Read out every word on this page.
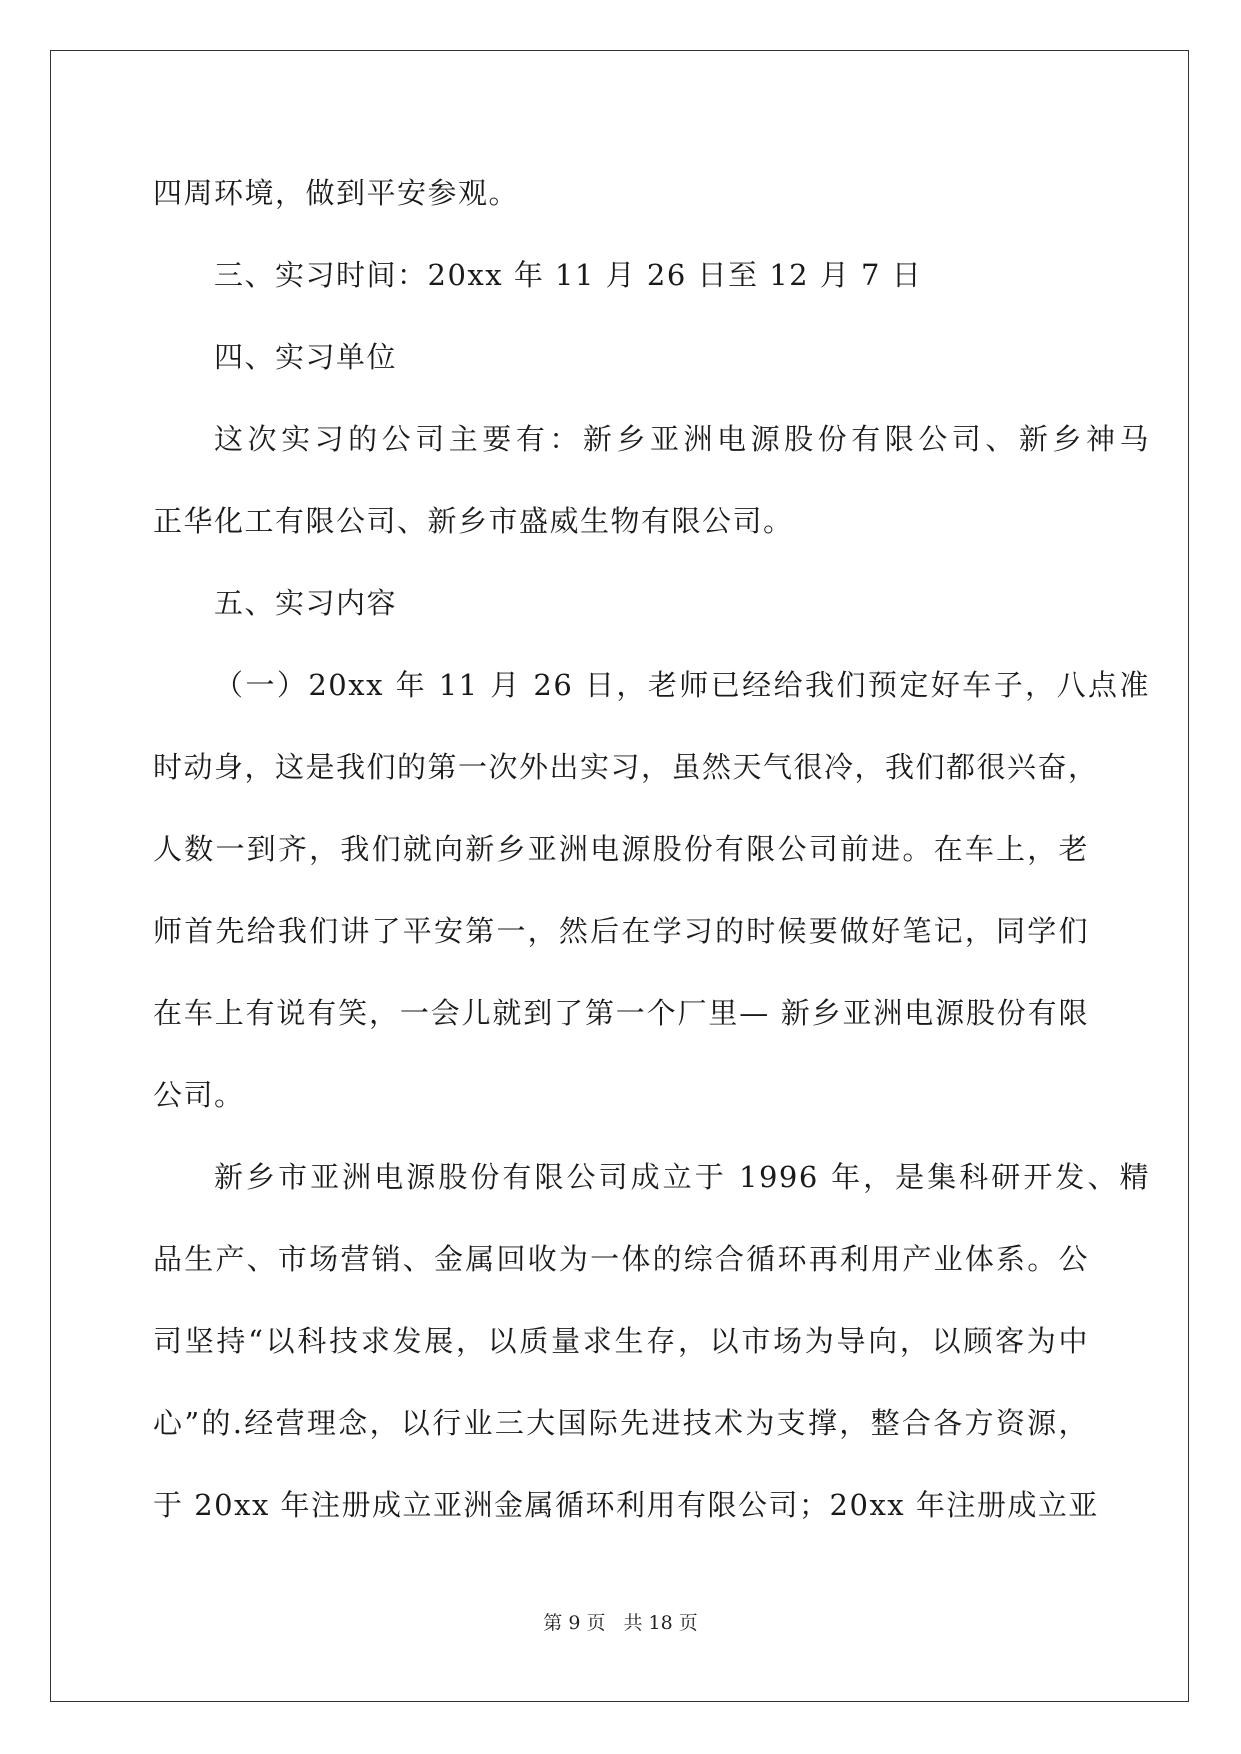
四周环境，做到平安参观。
三、实习时间：20xx 年 11 月 26 日至 12 月 7 日
四、实习单位
这次实习的公司主要有：新乡亚洲电源股份有限公司、新乡神马
正华化工有限公司、新乡市盛威生物有限公司。
五、实习内容
（一）20xx 年 11 月 26 日，老师已经给我们预定好车子，八点准
时动身，这是我们的第一次外出实习，虽然天气很冷，我们都很兴奋，
人数一到齐，我们就向新乡亚洲电源股份有限公司前进。在车上，老
师首先给我们讲了平安第一，然后在学习的时候要做好笔记，同学们
在车上有说有笑，一会儿就到了第一个厂里— 新乡亚洲电源股份有限
公司。
新乡市亚洲电源股份有限公司成立于 1996 年，是集科研开发、精
品生产、市场营销、金属回收为一体的综合循环再利用产业体系。公
司坚持“以科技求发展，以质量求生存，以市场为导向，以顾客为中
心”的.经营理念，以行业三大国际先进技术为支撑，整合各方资源，
于 20xx 年注册成立亚洲金属循环利用有限公司；20xx 年注册成立亚
第 9 页 共 18 页
